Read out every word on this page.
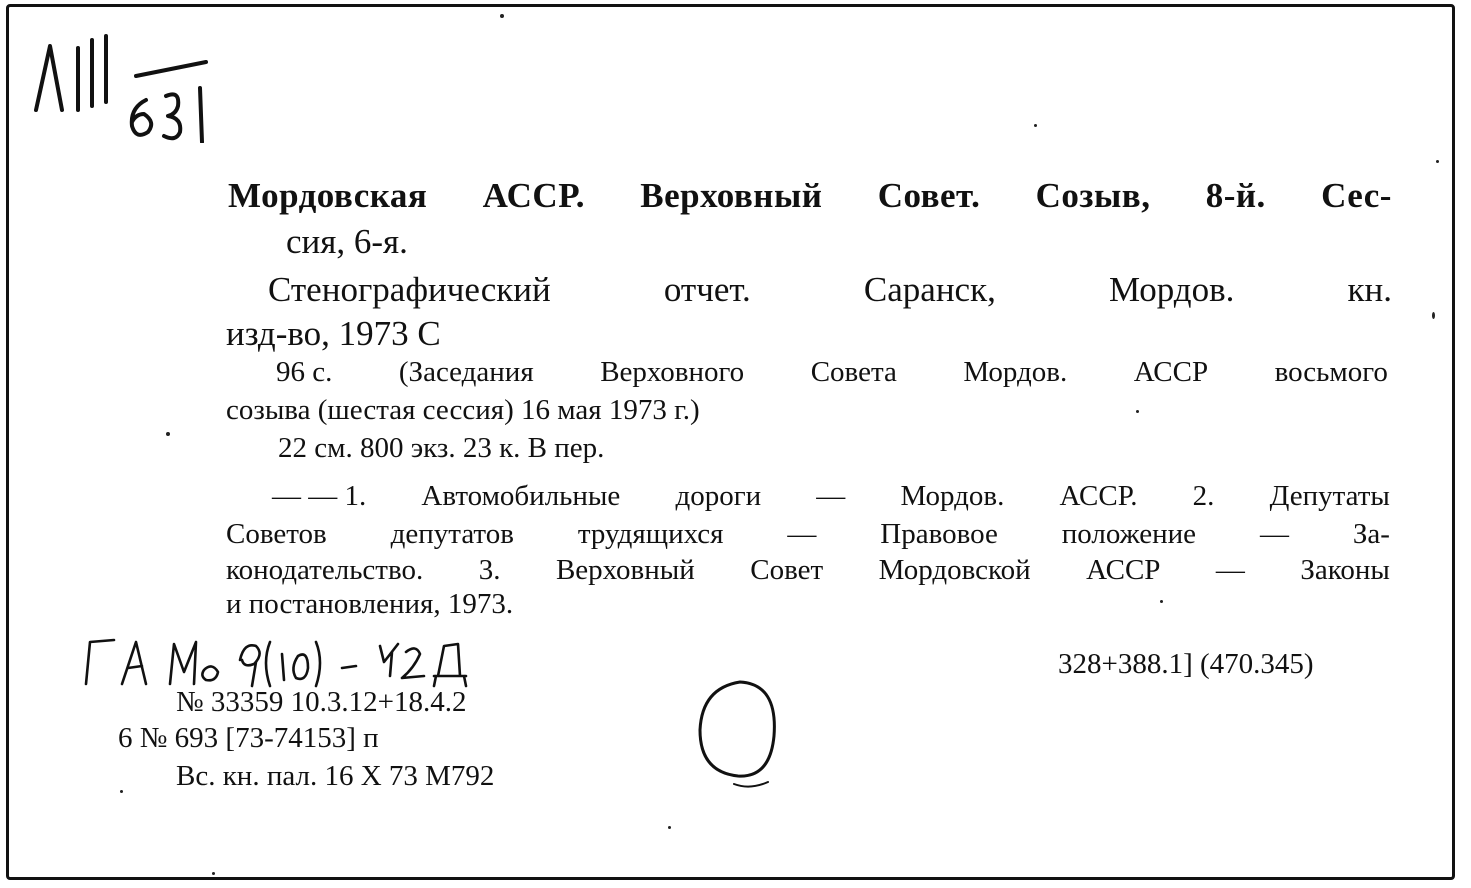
Мордовская АССР. Верховный Совет. Созыв, 8-й. Сес-
сия, 6-я.
Стенографический	отчет.	Саранск,	Мордов.	кн.
изд-во, 1973 С
96 с. (Заседания Верховного Совета Мордов. АССР восьмого
созыва (шестая сессия) 16 мая 1973 г.)
22 см. 800 экз. 23 к. В пер.
— — 1. Автомобильные дороги — Мордов. АССР. 2. Депутаты
Советов депутатов трудящихся — Правовое положение — За-
конодательство. 3. Верховный Совет Мордовской АССР — Законы
и постановления, 1973.
328+388.1] (470.345)
№ 33359 10.3.12+18.4.2
6 № 693 [73-74153] п
Вс. кн. пал. 16 Х 73 М792
